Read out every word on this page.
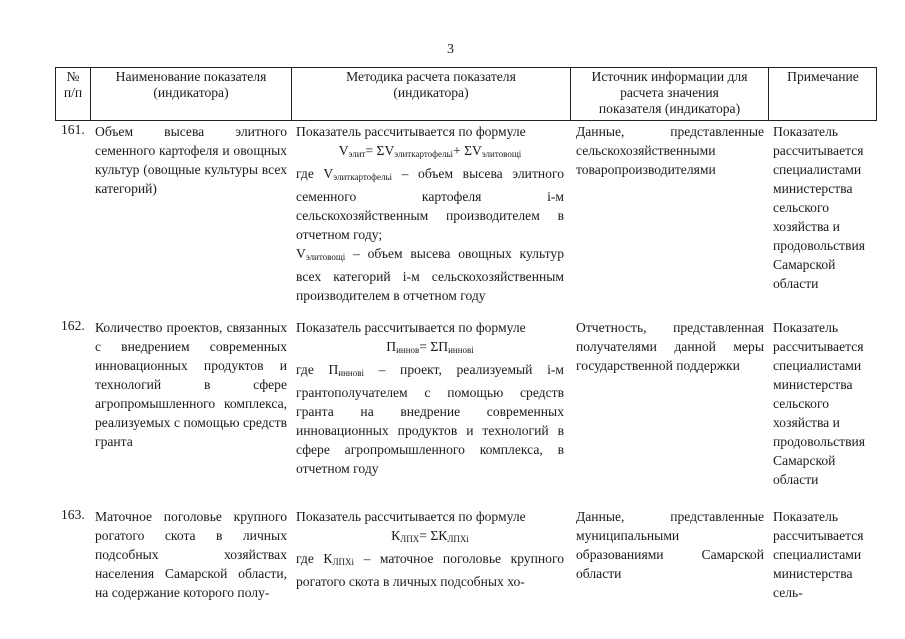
3
№
п/п
Наименование показателя
(индикатора)
Методика расчета показателя
(индикатора)
Источник информации для
расчета значения
показателя (индикатора)
Примечание
161. Объем высева элитного семенного картофеля и овощных культур (овощные культуры всех категорий)
Показатель рассчитывается по формуле
$V_{элит}= \Sigma V_{элиткартофельi}+ \Sigma V_{элитовощi}$
где $V_{элиткартофельi}$ – объем высева элитного семенного картофеля i-м сельскохозяйственным производителем в отчетном году;
$V_{элитовощi}$ – объем высева овощных культур всех категорий i-м сельскохозяйственным производителем в отчетном году
Данные, представленные сельскохозяйственными товаропроизводителями
Показатель рассчитывается специалистами министерства сельского хозяйства и продовольствия Самарской области
162. Количество проектов, связанных с внедрением современных инновационных продуктов и технологий в сфере агропромышленного комплекса, реализуемых с помощью средств гранта
Показатель рассчитывается по формуле
$П_{иннов}= \Sigma П_{инновi}$
где $П_{инновi}$ – проект, реализуемый i-м грантополучателем с помощью средств гранта на внедрение современных инновационных продуктов и технологий в сфере агропромышленного комплекса, в отчетном году
Отчетность, представленная получателями данной меры государственной поддержки
Показатель рассчитывается специалистами министерства сельского хозяйства и продовольствия Самарской области
163. Маточное поголовье крупного рогатого скота в личных подсобных хозяйствах населения Самарской области, на содержание которого полу-
Показатель рассчитывается по формуле
$К_{ЛПХ}= \Sigma К_{ЛПХi}$
где $К_{ЛПХi}$ – маточное поголовье крупного рогатого скота в личных подсобных хо-
Данные, представленные муниципальными образованиями Самарской области
Показатель рассчитывается специалистами министерства сель-
